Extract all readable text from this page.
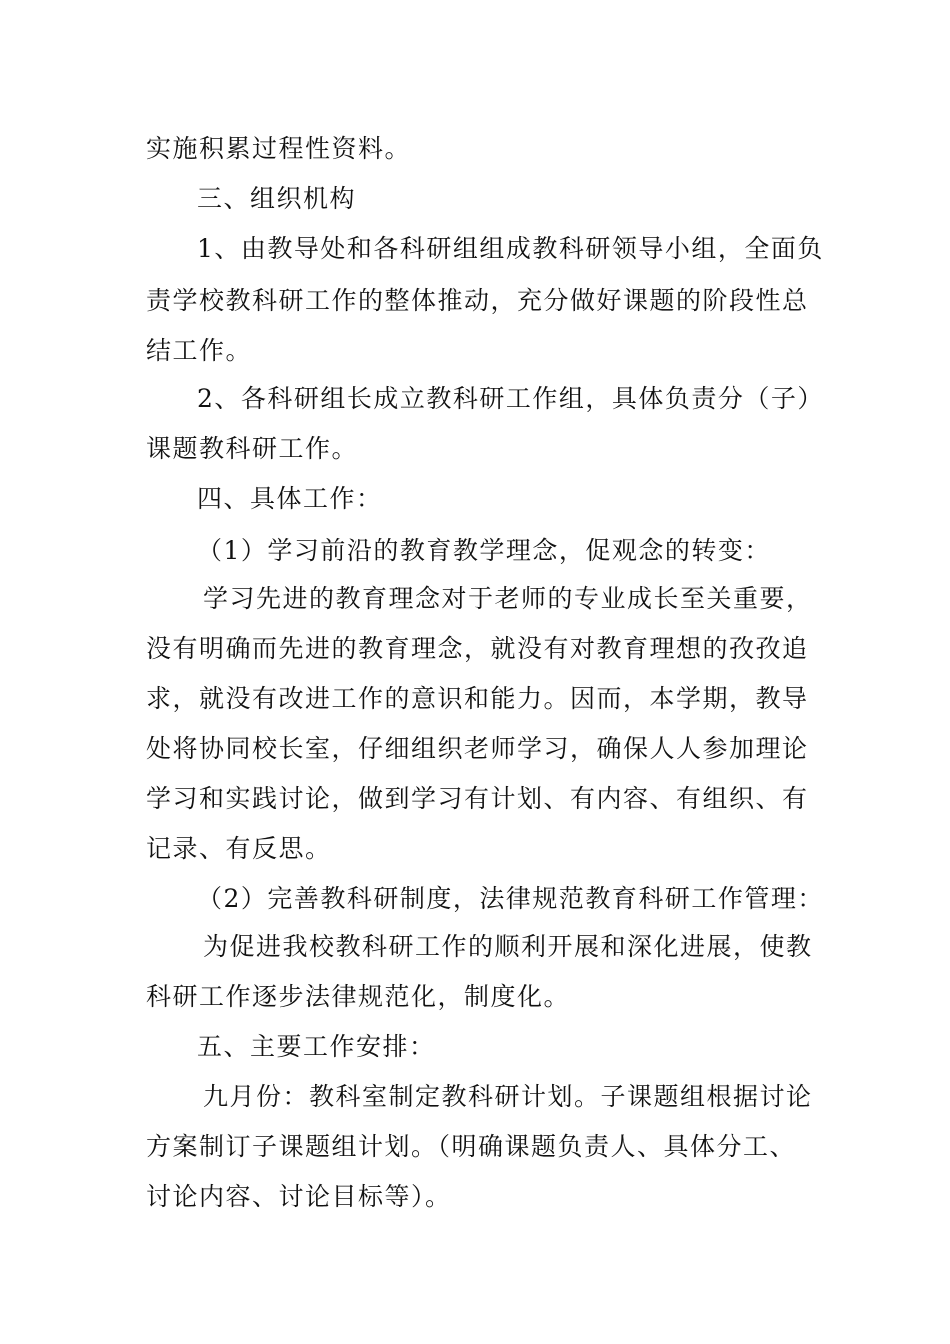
实施积累过程性资料。
三、组织机构
1、由教导处和各科研组组成教科研领导小组，全面负
责学校教科研工作的整体推动，充分做好课题的阶段性总
结工作。
2、各科研组长成立教科研工作组，具体负责分（子）
课题教科研工作。
四、具体工作：
（1）学习前沿的教育教学理念，促观念的转变：
学习先进的教育理念对于老师的专业成长至关重要，
没有明确而先进的教育理念，就没有对教育理想的孜孜追
求，就没有改进工作的意识和能力。因而，本学期，教导
处将协同校长室，仔细组织老师学习，确保人人参加理论
学习和实践讨论，做到学习有计划、有内容、有组织、有
记录、有反思。
（2）完善教科研制度，法律规范教育科研工作管理：
为促进我校教科研工作的顺利开展和深化进展，使教
科研工作逐步法律规范化，制度化。
五、主要工作安排：
九月份：教科室制定教科研计划。子课题组根据讨论
方案制订子课题组计划。（明确课题负责人、具体分工、
讨论内容、讨论目标等）。
